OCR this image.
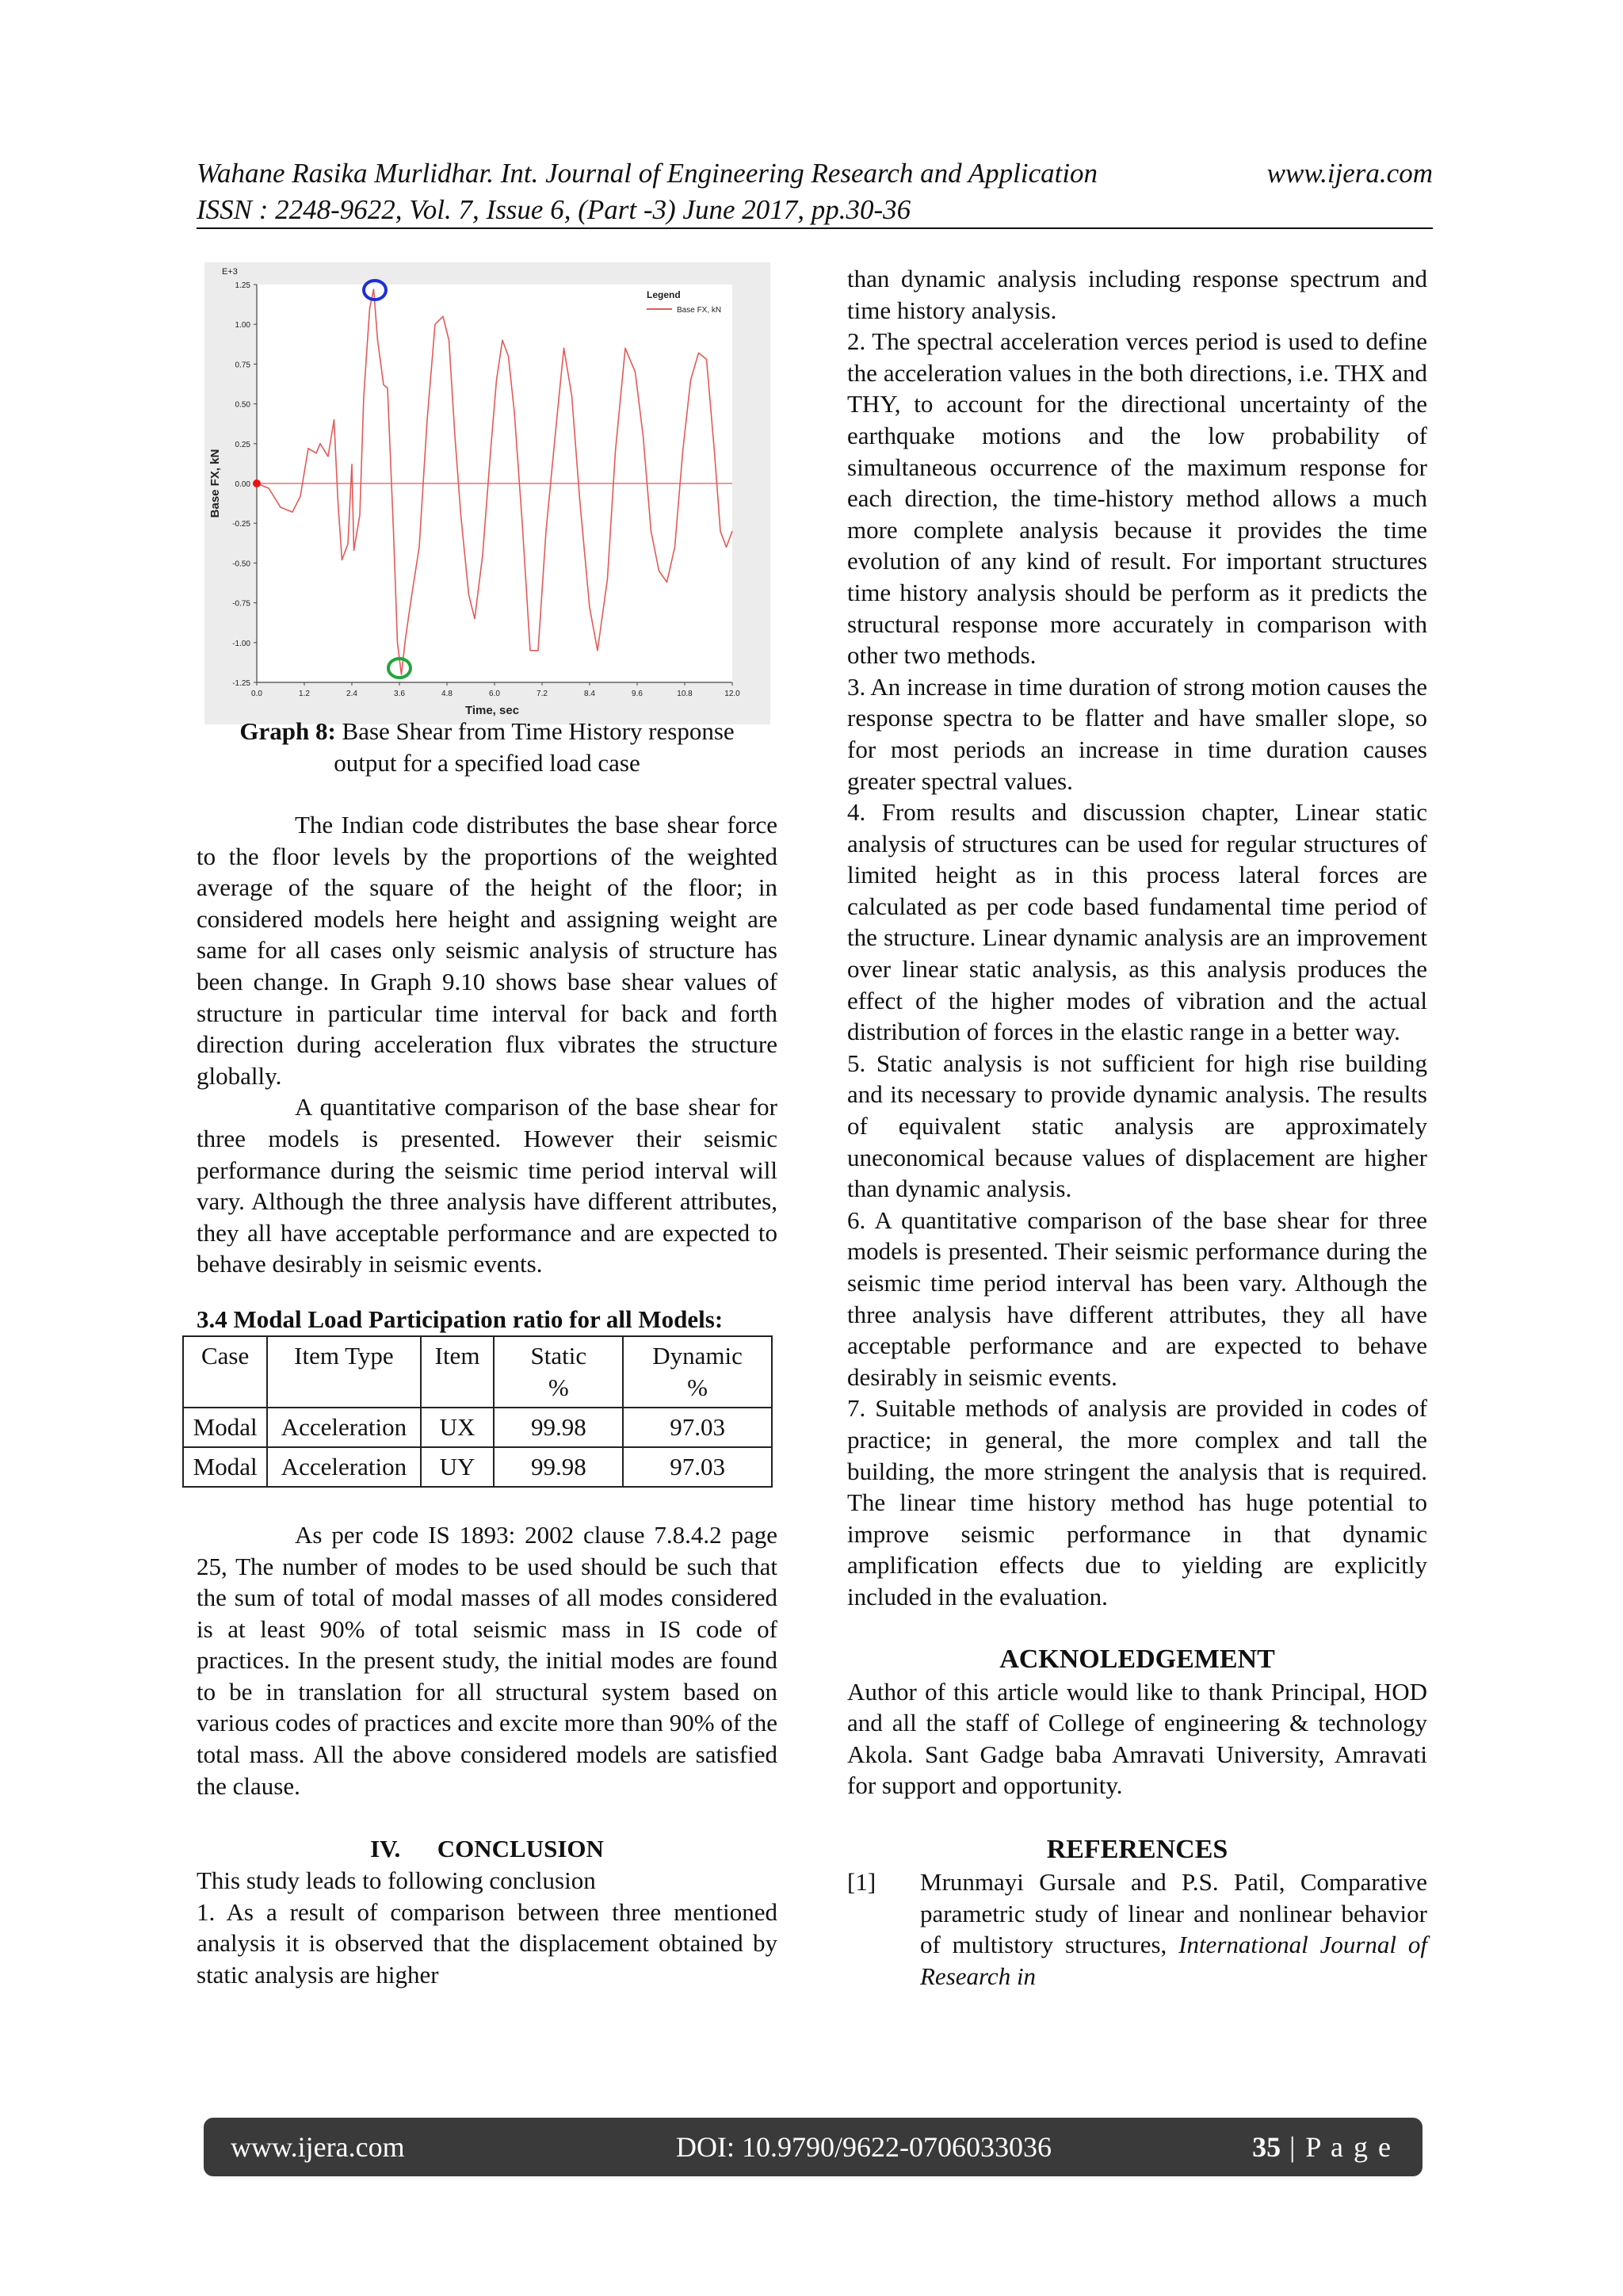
Wahane Rasika Murlidhar. Int. Journal of Engineering Research and Application	www.ijera.com
ISSN : 2248-9622, Vol. 7, Issue 6, (Part -3) June 2017, pp.30-36
1.25
1.00
0.75
0.50
0.25
0.00
-0.25
-0.50
-0.75
-1.00
-1.25
0.0	1.2	2.4	3.6	4.8	6.0	7.2	8.4	9.6	10.8	12.0
E+3
Time, sec
Base FX, kN
Legend
Base FX, kN
Graph 8: Base Shear from Time History response
output for a specified load case

The Indian code distributes the base shear force to the floor levels by the proportions of the weighted average of the square of the height of the floor; in considered models here height and assigning weight are same for all cases only seismic analysis of structure has been change. In Graph 9.10 shows base shear values of structure in particular time interval for back and forth direction during acceleration flux vibrates the structure globally.

A quantitative comparison of the base shear for three models is presented. However their seismic performance during the seismic time period interval will vary. Although the three analysis have different attributes, they all have acceptable performance and are expected to behave desirably in seismic events.

3.4 Modal Load Participation ratio for all Models:
Case	Item Type	Item	Static %	Dynamic %
Modal	Acceleration	UX	99.98	97.03
Modal	Acceleration	UY	99.98	97.03

As per code IS 1893: 2002 clause 7.8.4.2 page 25, The number of modes to be used should be such that the sum of total of modal masses of all modes considered is at least 90% of total seismic mass in IS code of practices. In the present study, the initial modes are found to be in translation for all structural system based on various codes of practices and excite more than 90% of the total mass. All the above considered models are satisfied the clause.

IV.      CONCLUSION

This study leads to following conclusion

1. As a result of comparison between three mentioned analysis it is observed that the displacement obtained by static analysis are higher

than dynamic analysis including response spectrum and time history analysis.

2. The spectral acceleration verces period is used to define the acceleration values in the both directions, i.e. THX and THY, to account for the directional uncertainty of the earthquake motions and the low probability of simultaneous occurrence of the maximum response for each direction, the time-history method allows a much more complete analysis because it provides the time evolution of any kind of result. For important structures time history analysis should be perform as it predicts the structural response more accurately in comparison with other two methods.

3. An increase in time duration of strong motion causes the response spectra to be flatter and have smaller slope, so for most periods an increase in time duration causes greater spectral values.

4. From results and discussion chapter, Linear static analysis of structures can be used for regular structures of limited height as in this process lateral forces are calculated as per code based fundamental time period of the structure. Linear dynamic analysis are an improvement over linear static analysis, as this analysis produces the effect of the higher modes of vibration and the actual distribution of forces in the elastic range in a better way.

5. Static analysis is not sufficient for high rise building and its necessary to provide dynamic analysis. The results of equivalent static analysis are approximately uneconomical because values of displacement are higher than dynamic analysis.

6. A quantitative comparison of the base shear for three models is presented. Their seismic performance during the seismic time period interval has been vary. Although the three analysis have different attributes, they all have acceptable performance and are expected to behave desirably in seismic events.

7. Suitable methods of analysis are provided in codes of practice; in general, the more complex and tall the building, the more stringent the analysis that is required. The linear time history method has huge potential to improve seismic performance in that dynamic amplification effects due to yielding are explicitly included in the evaluation.

ACKNOLEDGEMENT

Author of this article would like to thank Principal, HOD and all the staff of College of engineering & technology Akola. Sant Gadge baba Amravati University, Amravati for support and opportunity.

REFERENCES
[1]	Mrunmayi Gursale and P.S. Patil, Comparative parametric study of linear and nonlinear behavior of multistory structures, International Journal of Research in
www.ijera.com	DOI: 10.9790/9622-0706033036	35 | P a g e
